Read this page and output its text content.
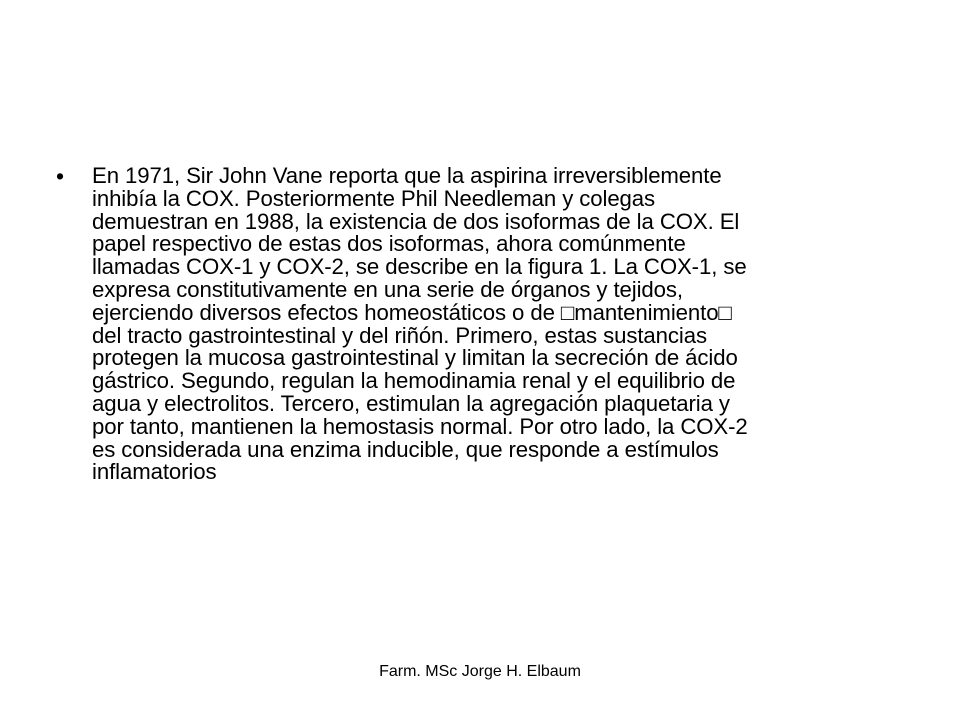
• En 1971, Sir John Vane reporta que la aspirina irreversiblemente
inhibía la COX. Posteriormente Phil Needleman y colegas
demuestran en 1988, la existencia de dos isoformas de la COX. El
papel respectivo de estas dos isoformas, ahora comúnmente
llamadas COX-1 y COX-2, se describe en la figura 1. La COX-1, se
expresa constitutivamente en una serie de órganos y tejidos,
ejerciendo diversos efectos homeostáticos o de □mantenimiento□
del tracto gastrointestinal y del riñón. Primero, estas sustancias
protegen la mucosa gastrointestinal y limitan la secreción de ácido
gástrico. Segundo, regulan la hemodinamia renal y el equilibrio de
agua y electrolitos. Tercero, estimulan la agregación plaquetaria y
por tanto, mantienen la hemostasis normal. Por otro lado, la COX-2
es considerada una enzima inducible, que responde a estímulos
inflamatorios
Farm. MSc Jorge H. Elbaum
